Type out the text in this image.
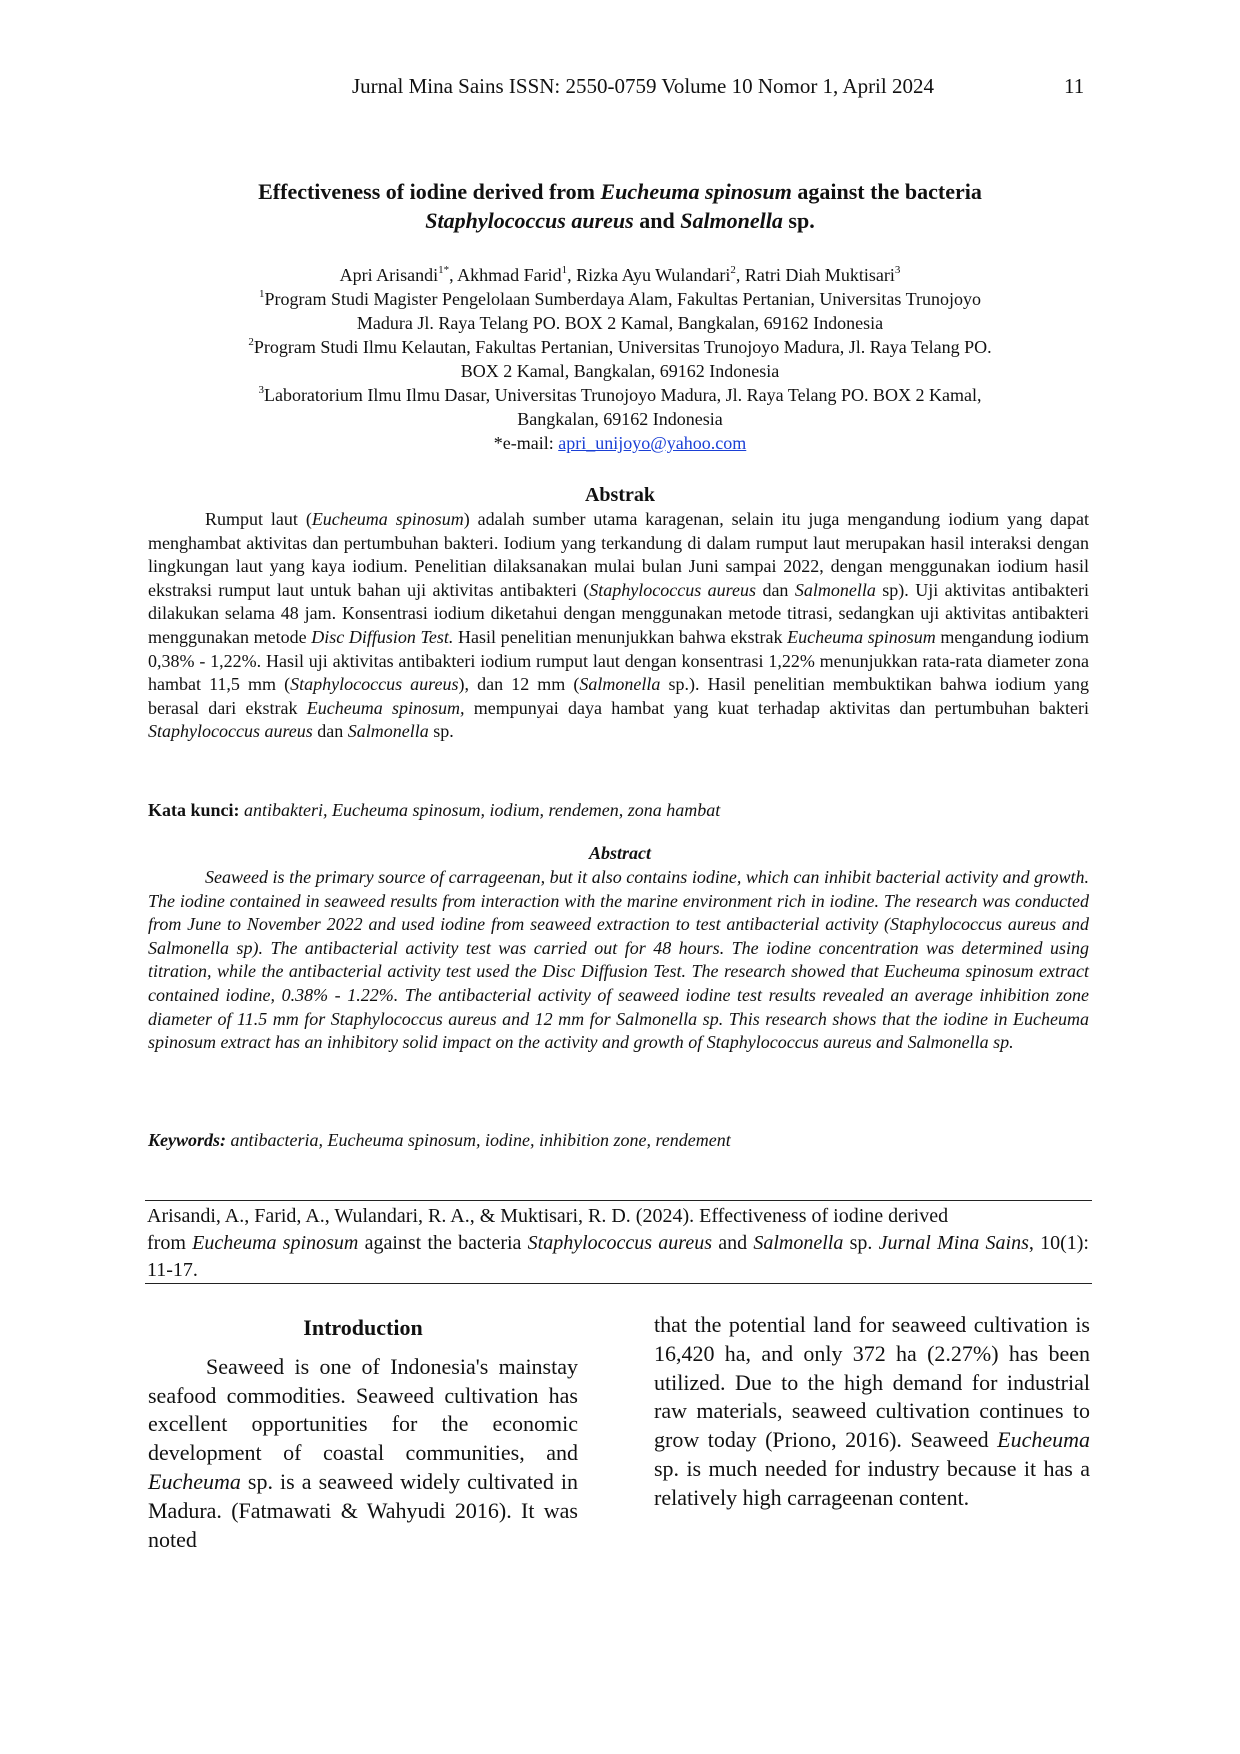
Jurnal Mina Sains ISSN: 2550-0759 Volume 10 Nomor 1, April 2024	11
Effectiveness of iodine derived from Eucheuma spinosum against the bacteria
Staphylococcus aureus and Salmonella sp.
Apri Arisandi$^{1*}$, Akhmad Farid$^1$, Rizka Ayu Wulandari$^2$, Ratri Diah Muktisari$^3$
$^1$Program Studi Magister Pengelolaan Sumberdaya Alam, Fakultas Pertanian, Universitas Trunojoyo
Madura Jl. Raya Telang PO. BOX 2 Kamal, Bangkalan, 69162 Indonesia
$^2$Program Studi Ilmu Kelautan, Fakultas Pertanian, Universitas Trunojoyo Madura, Jl. Raya Telang PO.
BOX 2 Kamal, Bangkalan, 69162 Indonesia
$^3$Laboratorium Ilmu Ilmu Dasar, Universitas Trunojoyo Madura, Jl. Raya Telang PO. BOX 2 Kamal,
Bangkalan, 69162 Indonesia
*e-mail: apri_unijoyo@yahoo.com
Abstrak

Rumput laut (Eucheuma spinosum) adalah sumber utama karagenan, selain itu juga mengandung iodium yang dapat menghambat aktivitas dan pertumbuhan bakteri. Iodium yang terkandung di dalam rumput laut merupakan hasil interaksi dengan lingkungan laut yang kaya iodium. Penelitian dilaksanakan mulai bulan Juni sampai 2022, dengan menggunakan iodium hasil ekstraksi rumput laut untuk bahan uji aktivitas antibakteri (Staphylococcus aureus dan Salmonella sp). Uji aktivitas antibakteri dilakukan selama 48 jam. Konsentrasi iodium diketahui dengan menggunakan metode titrasi, sedangkan uji aktivitas antibakteri menggunakan metode Disc Diffusion Test. Hasil penelitian menunjukkan bahwa ekstrak Eucheuma spinosum mengandung iodium 0,38% - 1,22%. Hasil uji aktivitas antibakteri iodium rumput laut dengan konsentrasi 1,22% menunjukkan rata-rata diameter zona hambat 11,5 mm (Staphylococcus aureus), dan 12 mm (Salmonella sp.). Hasil penelitian membuktikan bahwa iodium yang berasal dari ekstrak Eucheuma spinosum, mempunyai daya hambat yang kuat terhadap aktivitas dan pertumbuhan bakteri Staphylococcus aureus dan Salmonella sp.

Kata kunci: antibakteri, Eucheuma spinosum, iodium, rendemen, zona hambat
Abstract

Seaweed is the primary source of carrageenan, but it also contains iodine, which can inhibit bacterial activity and growth. The iodine contained in seaweed results from interaction with the marine environment rich in iodine. The research was conducted from June to November 2022 and used iodine from seaweed extraction to test antibacterial activity (Staphylococcus aureus and Salmonella sp). The antibacterial activity test was carried out for 48 hours. The iodine concentration was determined using titration, while the antibacterial activity test used the Disc Diffusion Test. The research showed that Eucheuma spinosum extract contained iodine, 0.38% - 1.22%. The antibacterial activity of seaweed iodine test results revealed an average inhibition zone diameter of 11.5 mm for Staphylococcus aureus and 12 mm for Salmonella sp. This research shows that the iodine in Eucheuma spinosum extract has an inhibitory solid impact on the activity and growth of Staphylococcus aureus and Salmonella sp.

Keywords: antibacteria, Eucheuma spinosum, iodine, inhibition zone, rendement
Arisandi, A., Farid, A., Wulandari, R. A., & Muktisari, R. D. (2024). Effectiveness of iodine derived
from Eucheuma spinosum against the bacteria Staphylococcus aureus and Salmonella sp. Jurnal Mina Sains, 10(1): 11-17.
Introduction

Seaweed is one of Indonesia's mainstay seafood commodities. Seaweed cultivation has excellent opportunities for the economic development of coastal communities, and Eucheuma sp. is a seaweed widely cultivated in Madura. (Fatmawati & Wahyudi 2016). It was noted

that the potential land for seaweed cultivation is 16,420 ha, and only 372 ha (2.27%) has been utilized. Due to the high demand for industrial raw materials, seaweed cultivation continues to grow today (Priono, 2016). Seaweed Eucheuma sp. is much needed for industry because it has a relatively high carrageenan content.
